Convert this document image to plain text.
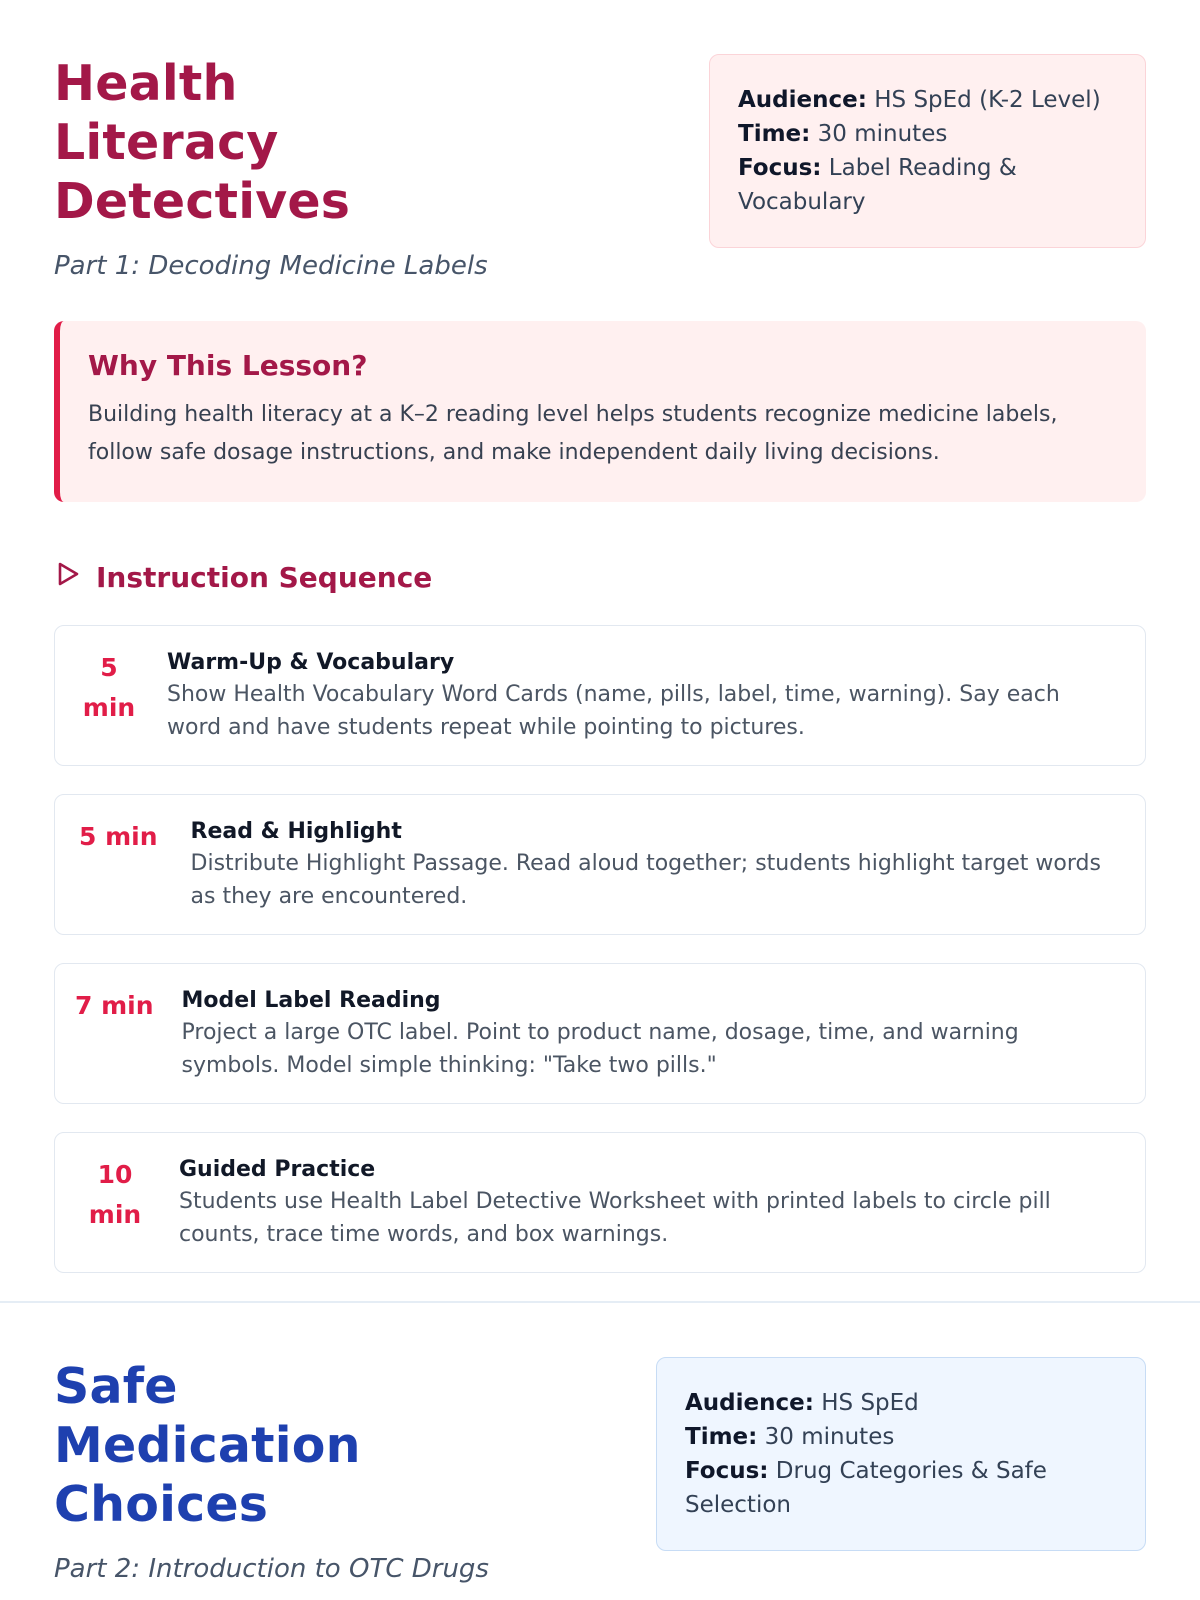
Health Literacy Detectives
Part 1: Decoding Medicine Labels
Audience: HS SpEd (K-2 Level)
Time: 30 minutes
Focus: Label Reading & Vocabulary
Why This Lesson?
Building health literacy at a K–2 reading level helps students recognize medicine labels, follow safe dosage instructions, and make independent daily living decisions.
Instruction Sequence
5 min
Warm-Up & Vocabulary
Show Health Vocabulary Word Cards (name, pills, label, time, warning). Say each word and have students repeat while pointing to pictures.
5 min Read & Highlight
Distribute Highlight Passage. Read aloud together; students highlight target words as they are encountered.
7 min Model Label Reading
Project a large OTC label. Point to product name, dosage, time, and warning symbols. Model simple thinking: "Take two pills."
10 min
Guided Practice
Students use Health Label Detective Worksheet with printed labels to circle pill counts, trace time words, and box warnings.
Safe Medication Choices
Part 2: Introduction to OTC Drugs
Audience: HS SpEd
Time: 30 minutes
Focus: Drug Categories & Safe Selection
